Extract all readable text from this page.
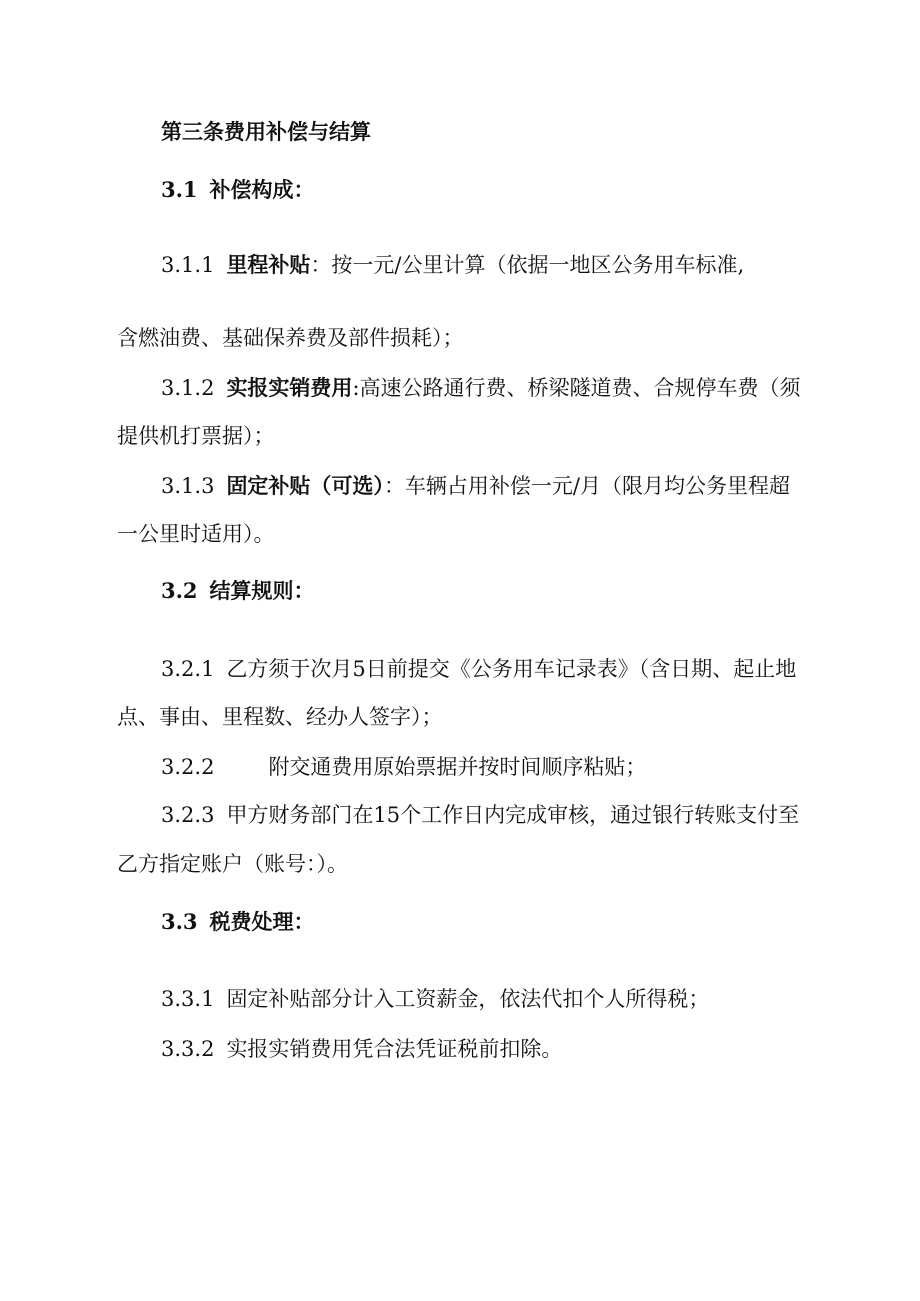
第三条费用补偿与结算
3.1 补偿构成：
3.1.1 里程补贴：按一元/公里计算（依据一地区公务用车标准,
含燃油费、基础保养费及部件损耗）；
3.1.2 实报实销费用:高速公路通行费、桥梁隧道费、合规停车费（须
提供机打票据）；
3.1.3 固定补贴（可选）：车辆占用补偿一元/月（限月均公务里程超
一公里时适用）。
3.2 结算规则：
3.2.1 乙方须于次月5日前提交《公务用车记录表》（含日期、起止地
点、事由、里程数、经办人签字）；
3.2.2	附交通费用原始票据并按时间顺序粘贴；
3.2.3 甲方财务部门在15个工作日内完成审核，通过银行转账支付至
乙方指定账户（账号：）。
3.3 税费处理：
3.3.1 固定补贴部分计入工资薪金，依法代扣个人所得税；
3.3.2 实报实销费用凭合法凭证税前扣除。
